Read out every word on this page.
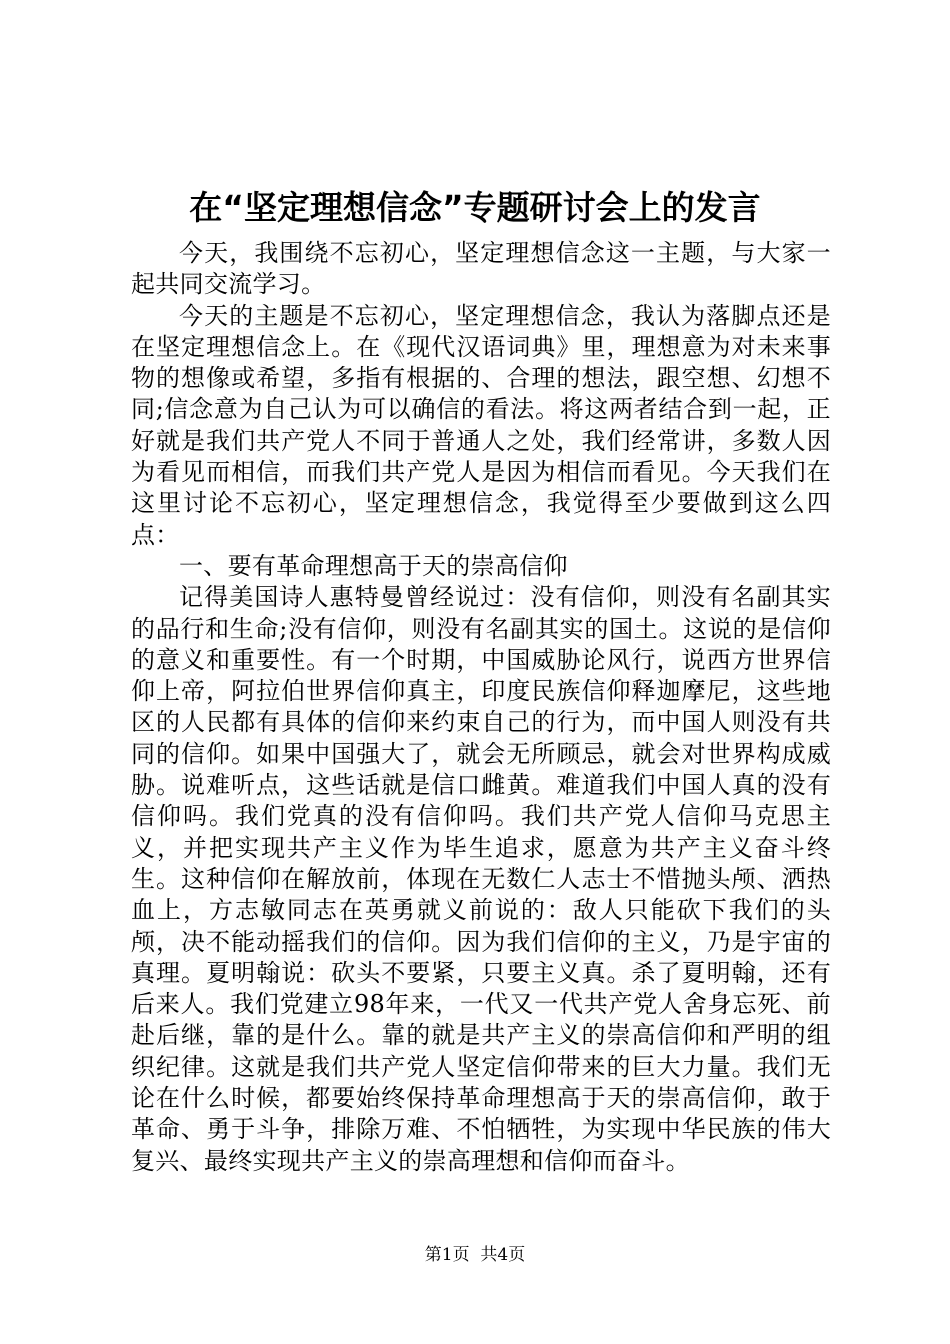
在“坚定理想信念”专题研讨会上的发言

今天，我围绕不忘初心，坚定理想信念这一主题，与大家一起共同交流学习。

今天的主题是不忘初心，坚定理想信念，我认为落脚点还是在坚定理想信念上。在《现代汉语词典》里，理想意为对未来事物的想像或希望，多指有根据的、合理的想法，跟空想、幻想不同;信念意为自己认为可以确信的看法。将这两者结合到一起，正好就是我们共产党人不同于普通人之处，我们经常讲，多数人因为看见而相信，而我们共产党人是因为相信而看见。今天我们在这里讨论不忘初心，坚定理想信念，我觉得至少要做到这么四点：

一、要有革命理想高于天的崇高信仰

记得美国诗人惠特曼曾经说过：没有信仰，则没有名副其实的品行和生命;没有信仰，则没有名副其实的国土。这说的是信仰的意义和重要性。有一个时期，中国威胁论风行，说西方世界信仰上帝，阿拉伯世界信仰真主，印度民族信仰释迦摩尼，这些地区的人民都有具体的信仰来约束自己的行为，而中国人则没有共同的信仰。如果中国强大了，就会无所顾忌，就会对世界构成威胁。说难听点，这些话就是信口雌黄。难道我们中国人真的没有信仰吗。我们党真的没有信仰吗。我们共产党人信仰马克思主义，并把实现共产主义作为毕生追求，愿意为共产主义奋斗终生。这种信仰在解放前，体现在无数仁人志士不惜抛头颅、洒热血上，方志敏同志在英勇就义前说的：敌人只能砍下我们的头颅，决不能动摇我们的信仰。因为我们信仰的主义，乃是宇宙的真理。夏明翰说：砍头不要紧，只要主义真。杀了夏明翰，还有后来人。我们党建立98年来，一代又一代共产党人舍身忘死、前赴后继，靠的是什么。靠的就是共产主义的崇高信仰和严明的组织纪律。这就是我们共产党人坚定信仰带来的巨大力量。我们无论在什么时候，都要始终保持革命理想高于天的崇高信仰，敢于革命、勇于斗争，排除万难、不怕牺牲，为实现中华民族的伟大复兴、最终实现共产主义的崇高理想和信仰而奋斗。

第1页 共4页
